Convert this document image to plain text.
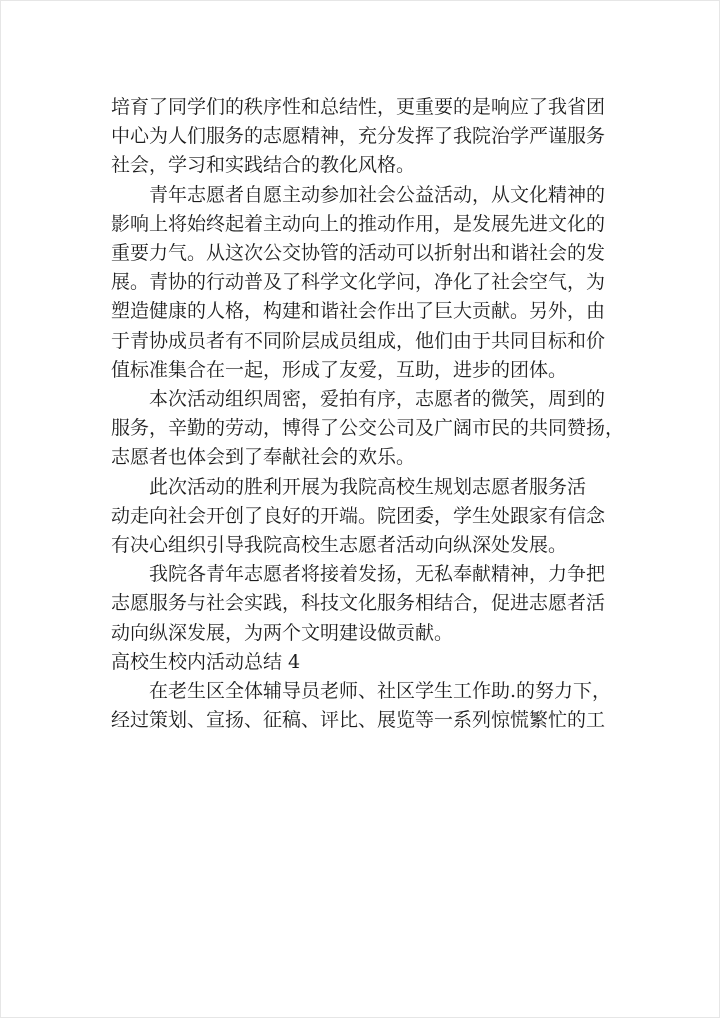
培育了同学们的秩序性和总结性，更重要的是响应了我省团
中心为人们服务的志愿精神，充分发挥了我院治学严谨服务
社会，学习和实践结合的教化风格。

青年志愿者自愿主动参加社会公益活动，从文化精神的
影响上将始终起着主动向上的推动作用，是发展先进文化的
重要力气。从这次公交协管的活动可以折射出和谐社会的发
展。青协的行动普及了科学文化学问，净化了社会空气，为
塑造健康的人格，构建和谐社会作出了巨大贡献。另外，由
于青协成员者有不同阶层成员组成，他们由于共同目标和价
值标准集合在一起，形成了友爱，互助，进步的团体。

本次活动组织周密，爱拍有序，志愿者的微笑，周到的
服务，辛勤的劳动，博得了公交公司及广阔市民的共同赞扬，
志愿者也体会到了奉献社会的欢乐。

此次活动的胜利开展为我院高校生规划志愿者服务活
动走向社会开创了良好的开端。院团委，学生处跟家有信念
有决心组织引导我院高校生志愿者活动向纵深处发展。

我院各青年志愿者将接着发扬，无私奉献精神，力争把
志愿服务与社会实践，科技文化服务相结合，促进志愿者活
动向纵深发展，为两个文明建设做贡献。

高校生校内活动总结 4

在老生区全体辅导员老师、社区学生工作助.的努力下，
经过策划、宣扬、征稿、评比、展览等一系列惊慌繁忙的工
